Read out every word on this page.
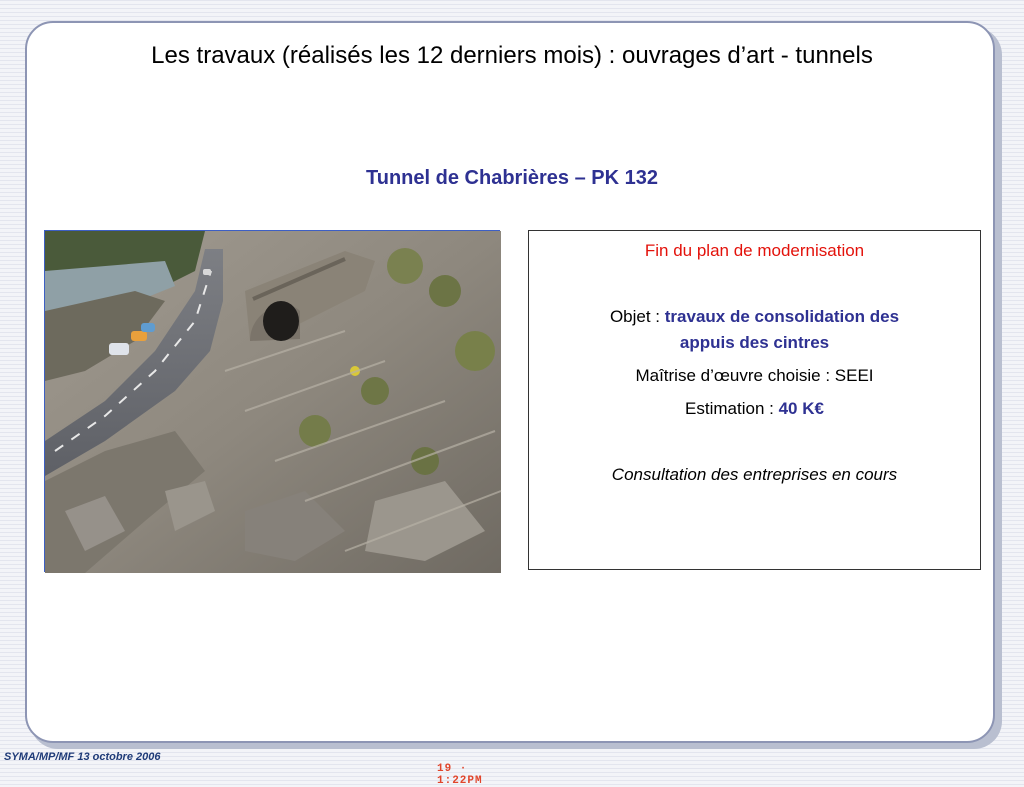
Les travaux (réalisés les 12 derniers mois) : ouvrages d’art - tunnels
Tunnel de Chabrières – PK 132
19 · 1:22PM
Fin du plan de modernisation
Objet : travaux de consolidation des
appuis des cintres
Maîtrise d’œuvre choisie : SEEI
Estimation : 40 K€
Consultation des entreprises en cours
SYMA/MP/MF 13 octobre 2006
